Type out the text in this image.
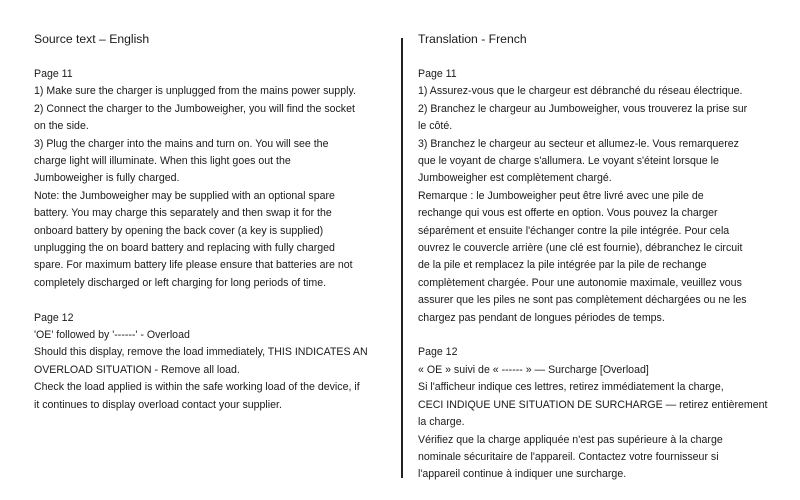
Source text – English

Page 11

1) Make sure the charger is unplugged from the mains power supply.

2) Connect the charger to the Jumboweigher, you will find the socket

on the side.

3) Plug the charger into the mains and turn on. You will see the

charge light will illuminate. When this light goes out the

Jumboweigher is fully charged.

Note: the Jumboweigher may be supplied with an optional spare

battery. You may charge this separately and then swap it for the

onboard battery by opening the back cover (a key is supplied)

unplugging the on board battery and replacing with fully charged

spare. For maximum battery life please ensure that batteries are not

completely discharged or left charging for long periods of time.

Page 12

'OE' followed by '------' - Overload

Should this display, remove the load immediately, THIS INDICATES AN

OVERLOAD SITUATION - Remove all load.

Check the load applied is within the safe working load of the device, if

it continues to display overload contact your supplier.

Translation - French

Page 11

1) Assurez-vous que le chargeur est débranché du réseau électrique.

2) Branchez le chargeur au Jumboweigher, vous trouverez la prise sur

le côté.

3) Branchez le chargeur au secteur et allumez-le. Vous remarquerez

que le voyant de charge s'allumera. Le voyant s'éteint lorsque le

Jumboweigher est complètement chargé.

Remarque : le Jumboweigher peut être livré avec une pile de

rechange qui vous est offerte en option. Vous pouvez la charger

séparément et ensuite l'échanger contre la pile intégrée. Pour cela

ouvrez le couvercle arrière (une clé est fournie), débranchez le circuit

de la pile et remplacez la pile intégrée par la pile de rechange

complètement chargée. Pour une autonomie maximale, veuillez vous

assurer que les piles ne sont pas complètement déchargées ou ne les

chargez pas pendant de longues périodes de temps.

Page 12

« OE » suivi de « ------ » — Surcharge [Overload]

Si l'afficheur indique ces lettres, retirez immédiatement la charge,

CECI INDIQUE UNE SITUATION DE SURCHARGE — retirez entièrement

la charge.

Vérifiez que la charge appliquée n'est pas supérieure à la charge

nominale sécuritaire de l'appareil. Contactez votre fournisseur si

l'appareil continue à indiquer une surcharge.
